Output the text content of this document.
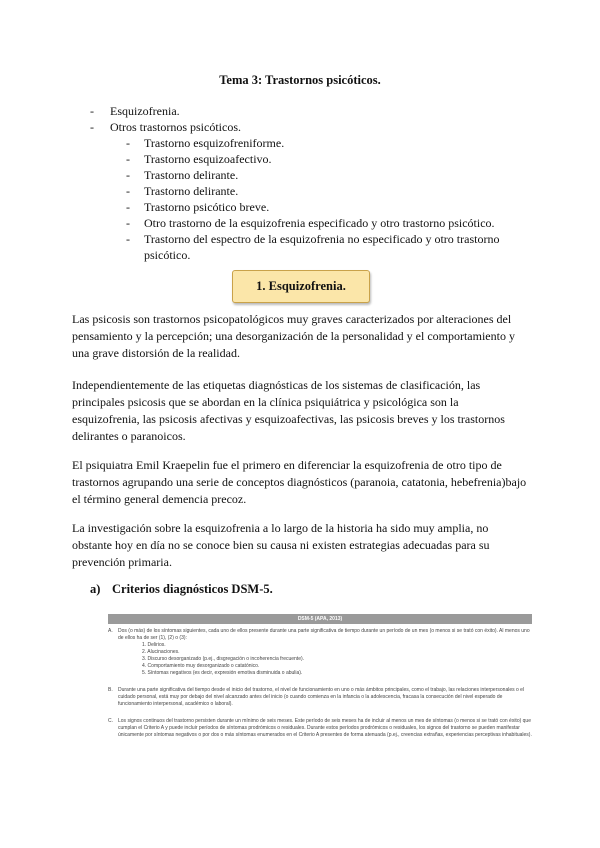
Tema 3: Trastornos psicóticos.
- Esquizofrenia.
- Otros trastornos psicóticos.
- Trastorno esquizofreniforme.
- Trastorno esquizoafectivo.
- Trastorno delirante.
- Trastorno delirante.
- Trastorno psicótico breve.
- Otro trastorno de la esquizofrenia especificado y otro trastorno psicótico.
- Trastorno del espectro de la esquizofrenia no especificado y otro trastorno psicótico.
1. Esquizofrenia.
Las psicosis son trastornos psicopatológicos muy graves caracterizados por alteraciones del pensamiento y la percepción; una desorganización de la personalidad y el comportamiento y una grave distorsión de la realidad.
Independientemente de las etiquetas diagnósticas de los sistemas de clasificación, las principales psicosis que se abordan en la clínica psiquiátrica y psicológica son la esquizofrenia, las psicosis afectivas y esquizoafectivas, las psicosis breves y los trastornos delirantes o paranoicos.
El psiquiatra Emil Kraepelin fue el primero en diferenciar la esquizofrenia de otro tipo de trastornos agrupando una serie de conceptos diagnósticos (paranoia, catatonia, hebefrenia)bajo el término general demencia precoz.
La investigación sobre la esquizofrenia a lo largo de la historia ha sido muy amplia, no obstante hoy en día no se conoce bien su causa ni existen estrategias adecuadas para su prevención primaria.
a) Criterios diagnósticos DSM-5.
DSM-5 (APA, 2013)
A. Dos (o más) de los síntomas siguientes, cada uno de ellos presente durante una parte significativa de tiempo durante un período de un mes (o menos si se trató con éxito). Al menos uno de ellos ha de ser (1), (2) o (3):
1. Delirios.
2. Alucinaciones.
3. Discurso desorganizado (p.ej., disgregación o incoherencia frecuente).
4. Comportamiento muy desorganizado o catatónico.
5. Síntomas negativos (es decir, expresión emotiva disminuida o abulia).
B. Durante una parte significativa del tiempo desde el inicio del trastorno, el nivel de funcionamiento en uno o más ámbitos principales, como el trabajo, las relaciones interpersonales o el cuidado personal, está muy por debajo del nivel alcanzado antes del inicio (o cuando comienza en la infancia o la adolescencia, fracasa la consecución del nivel esperado de funcionamiento interpersonal, académico o laboral).
C. Los signos continuos del trastorno persisten durante un mínimo de seis meses. Este período de seis meses ha de incluir al menos un mes de síntomas (o menos si se trató con éxito) que cumplan el Criterio A y puede incluir períodos de síntomas prodrómicos o residuales. Durante estos períodos prodrómicos o residuales, los signos del trastorno se pueden manifestar únicamente por síntomas negativos o por dos o más síntomas enumerados en el Criterio A presentes de forma atenuada (p.ej., creencias extrañas, experiencias perceptivas inhabituales).
